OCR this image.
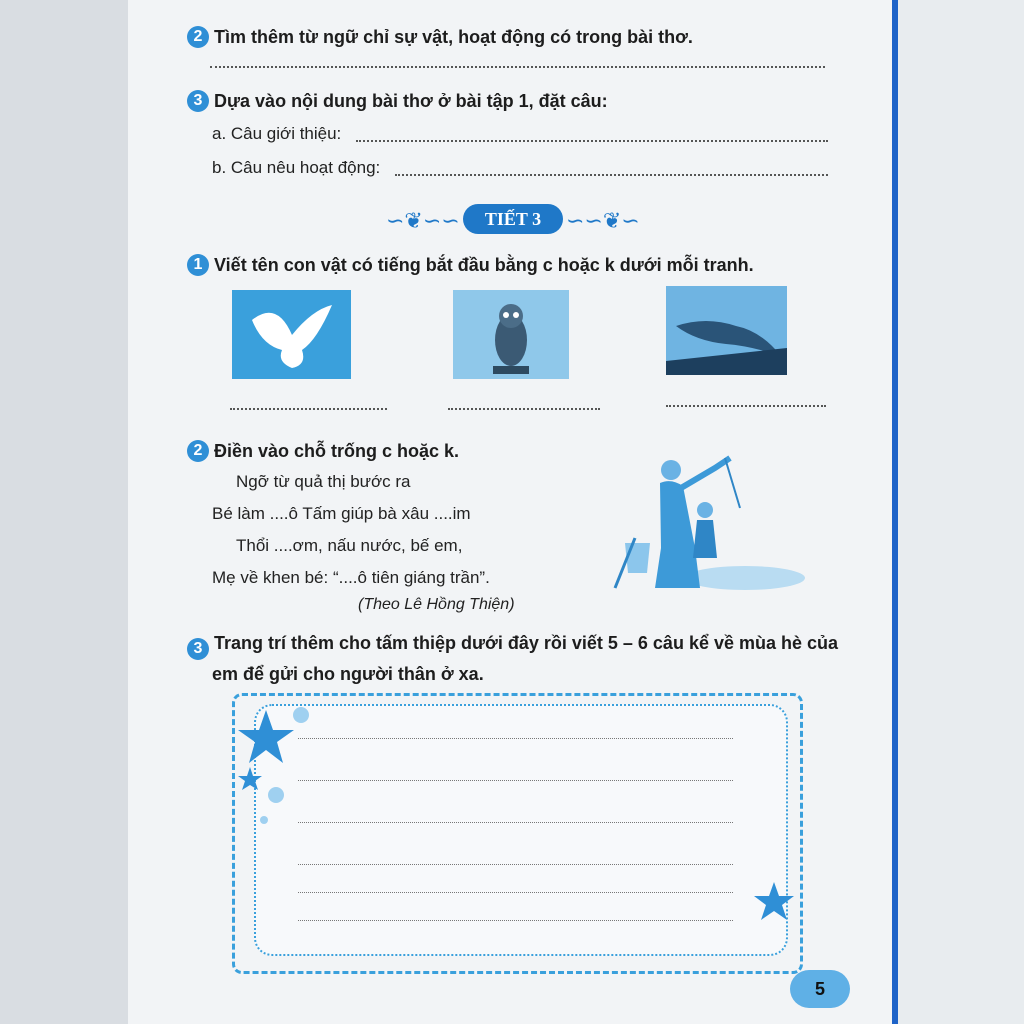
2 Tìm thêm từ ngữ chỉ sự vật, hoạt động có trong bài thơ.
3 Dựa vào nội dung bài thơ ở bài tập 1, đặt câu:
a. Câu giới thiệu:
b. Câu nêu hoạt động:
∽❦∽∽	TIẾT 3	∽∽❦∽
1 Viết tên con vật có tiếng bắt đầu bằng c hoặc k dưới mỗi tranh.
2 Điền vào chỗ trống c hoặc k.
Ngỡ từ quả thị bước ra
Bé làm ....ô Tấm giúp bà xâu ....im
Thổi ....ơm, nấu nước, bế em,
Mẹ về khen bé: “....ô tiên giáng trần”.
(Theo Lê Hồng Thiện)
3 Trang trí thêm cho tấm thiệp dưới đây rồi viết 5 – 6 câu kể về mùa hè của
em để gửi cho người thân ở xa.
5
